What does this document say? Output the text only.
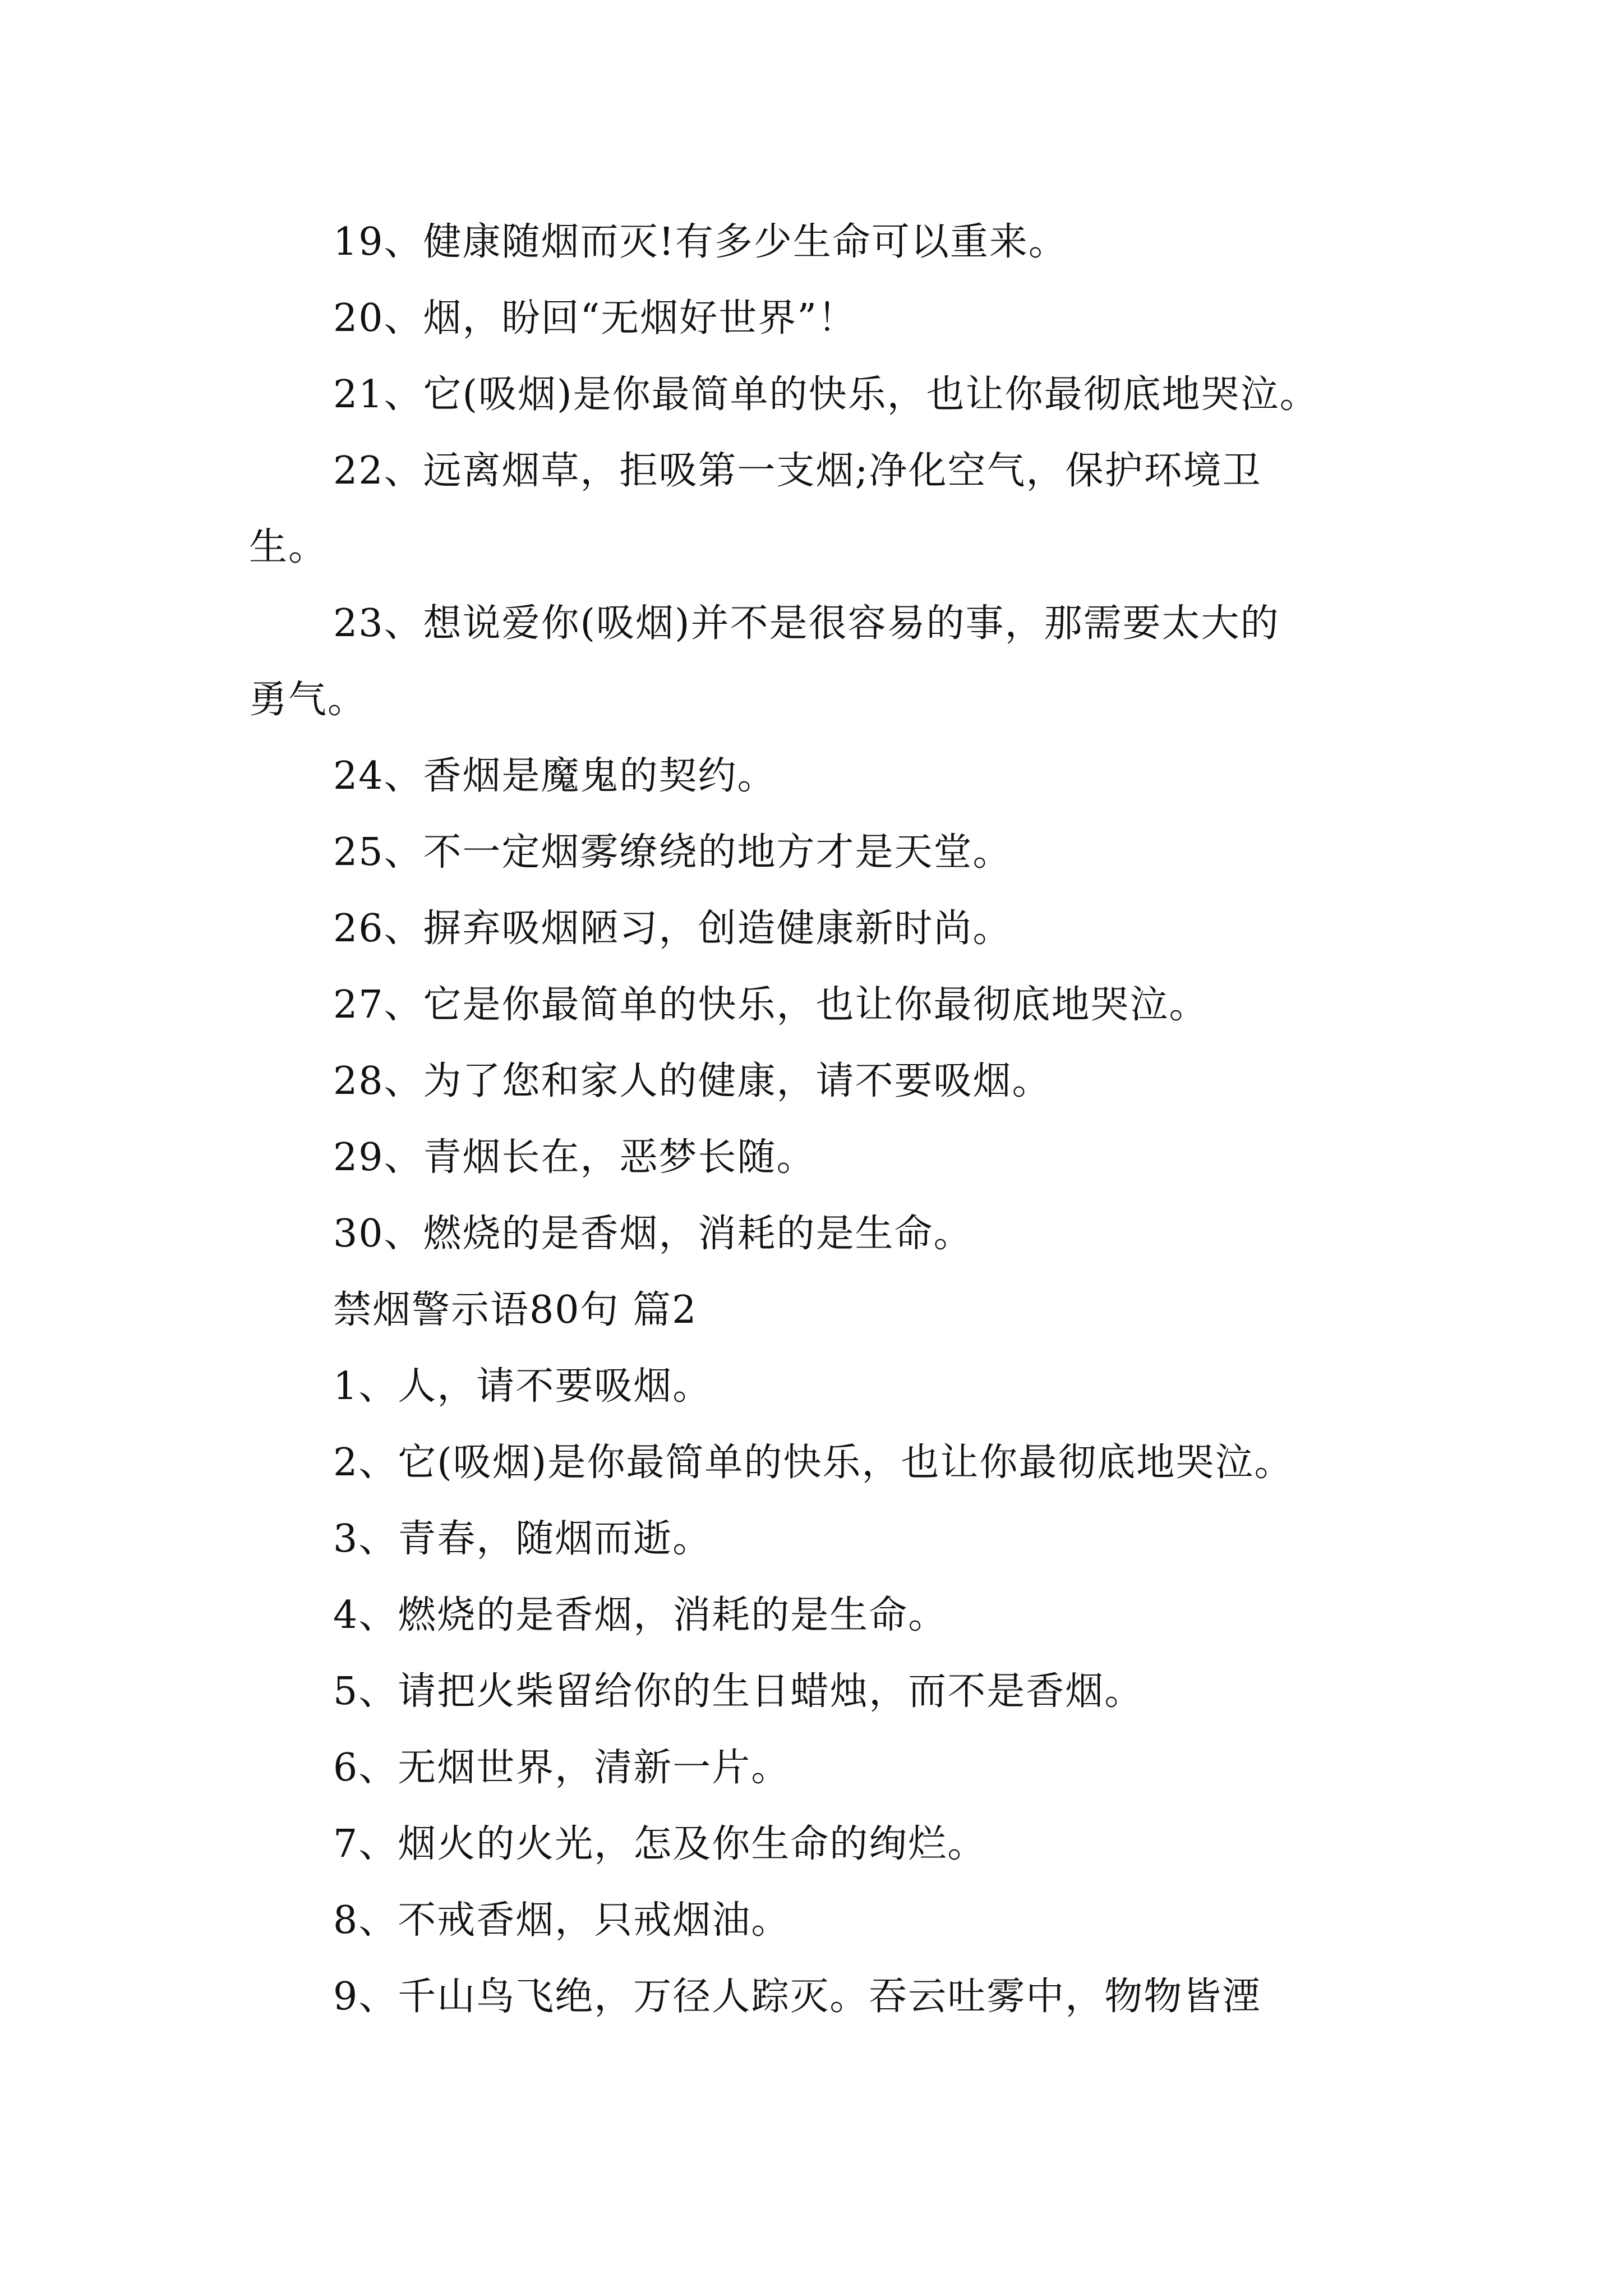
19、健康随烟而灭!有多少生命可以重来。
20、烟，盼回“无烟好世界”！
21、它(吸烟)是你最简单的快乐，也让你最彻底地哭泣。
22、远离烟草，拒吸第一支烟;净化空气，保护环境卫
生。
23、想说爱你(吸烟)并不是很容易的事，那需要太大的
勇气。
24、香烟是魔鬼的契约。
25、不一定烟雾缭绕的地方才是天堂。
26、摒弃吸烟陋习，创造健康新时尚。
27、它是你最简单的快乐，也让你最彻底地哭泣。
28、为了您和家人的健康，请不要吸烟。
29、青烟长在，恶梦长随。
30、燃烧的是香烟，消耗的是生命。
禁烟警示语80句 篇2
1、人，请不要吸烟。
2、它(吸烟)是你最简单的快乐，也让你最彻底地哭泣。
3、青春，随烟而逝。
4、燃烧的是香烟，消耗的是生命。
5、请把火柴留给你的生日蜡烛，而不是香烟。
6、无烟世界，清新一片。
7、烟火的火光，怎及你生命的绚烂。
8、不戒香烟，只戒烟油。
9、千山鸟飞绝，万径人踪灭。吞云吐雾中，物物皆湮
